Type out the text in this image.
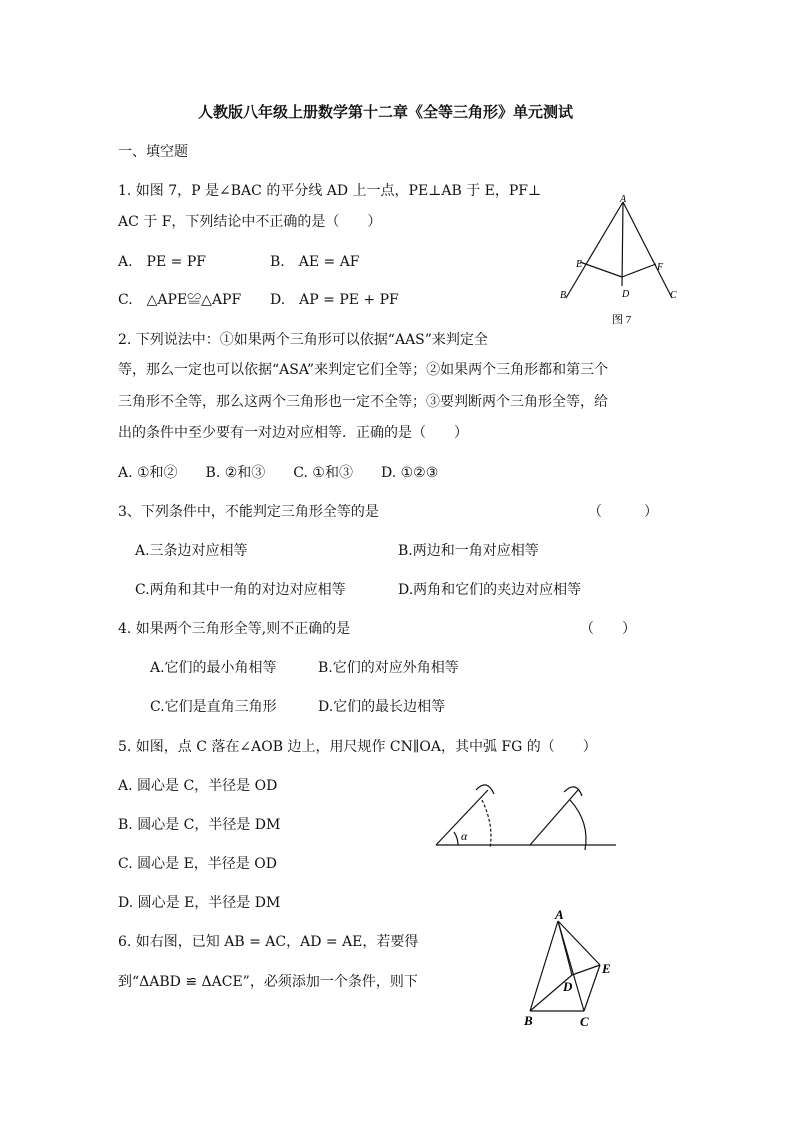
人教版八年级上册数学第十二章《全等三角形》单元测试
一、填空题
1. 如图 7，P 是∠BAC 的平分线 AD 上一点，PE⊥AB 于 E，PF⊥
AC 于 F，下列结论中不正确的是（　　）
A.　PE = PF	B.　AE = AF
C.　△APE≌△APF D.　AP = PE + PF
A
E	F
B	D	C
图 7
2. 下列说法中：①如果两个三角形可以依据“AAS”来判定全
等，那么一定也可以依据“ASA”来判定它们全等；②如果两个三角形都和第三个
三角形不全等，那么这两个三角形也一定不全等；③要判断两个三角形全等，给
出的条件中至少要有一对边对应相等．正确的是（　　）
A. ①和②　　B. ②和③　　C. ①和③　　D. ①②③
3、下列条件中，不能判定三角形全等的是	（　　　）
A.三条边对应相等	B.两边和一角对应相等
C.两角和其中一角的对边对应相等	D.两角和它们的夹边对应相等
4. 如果两个三角形全等,则不正确的是	（　　）
A.它们的最小角相等	B.它们的对应外角相等
C.它们是直角三角形	D.它们的最长边相等
5. 如图，点 C 落在∠AOB 边上，用尺规作 CN∥OA，其中弧 FG 的（　　）
A. 圆心是 C，半径是 OD
B. 圆心是 C，半径是 DM
C. 圆心是 E，半径是 OD
D. 圆心是 E，半径是 DM
α
6. 如右图，已知 AB = AC，AD = AE，若要得
到“ΔABD ≌ ΔACE”，必须添加一个条件，则下
A
E
D
B	C
